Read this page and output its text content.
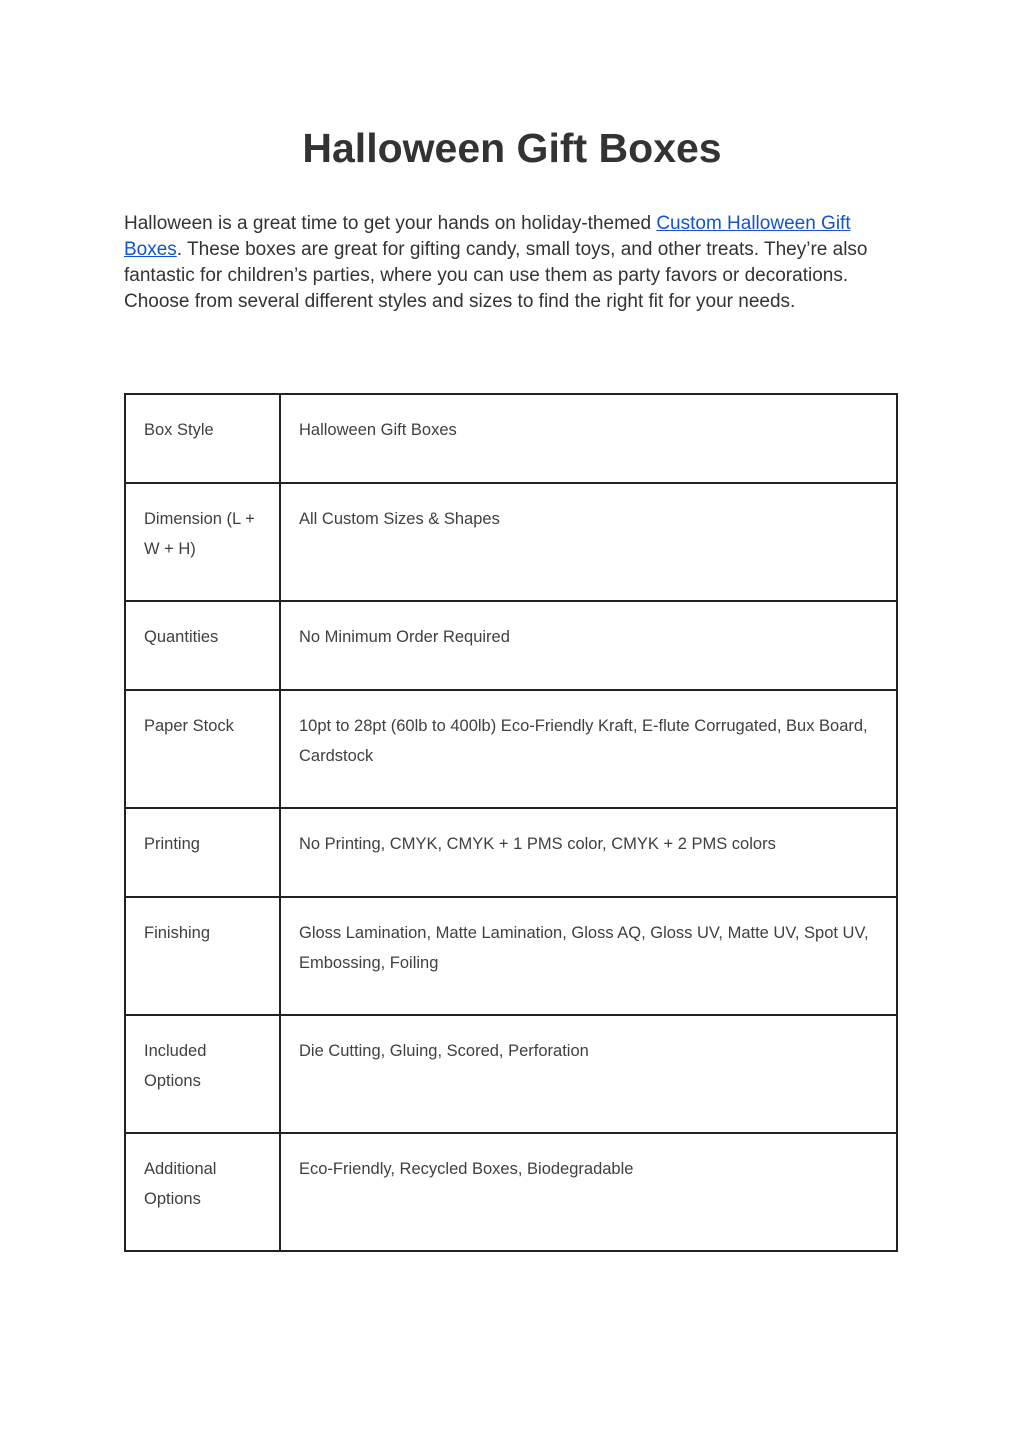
Halloween Gift Boxes

Halloween is a great time to get your hands on holiday-themed Custom Halloween Gift Boxes. These boxes are great for gifting candy, small toys, and other treats. They’re also fantastic for children’s parties, where you can use them as party favors or decorations. Choose from several different styles and sizes to find the right fit for your needs.

Box Style	Halloween Gift Boxes
Dimension (L + W + H)	All Custom Sizes & Shapes
Quantities	No Minimum Order Required
Paper Stock	10pt to 28pt (60lb to 400lb) Eco-Friendly Kraft, E-flute Corrugated, Bux Board, Cardstock
Printing	No Printing, CMYK, CMYK + 1 PMS color, CMYK + 2 PMS colors
Finishing	Gloss Lamination, Matte Lamination, Gloss AQ, Gloss UV, Matte UV, Spot UV, Embossing, Foiling
Included Options	Die Cutting, Gluing, Scored, Perforation
Additional Options	Eco-Friendly, Recycled Boxes, Biodegradable
